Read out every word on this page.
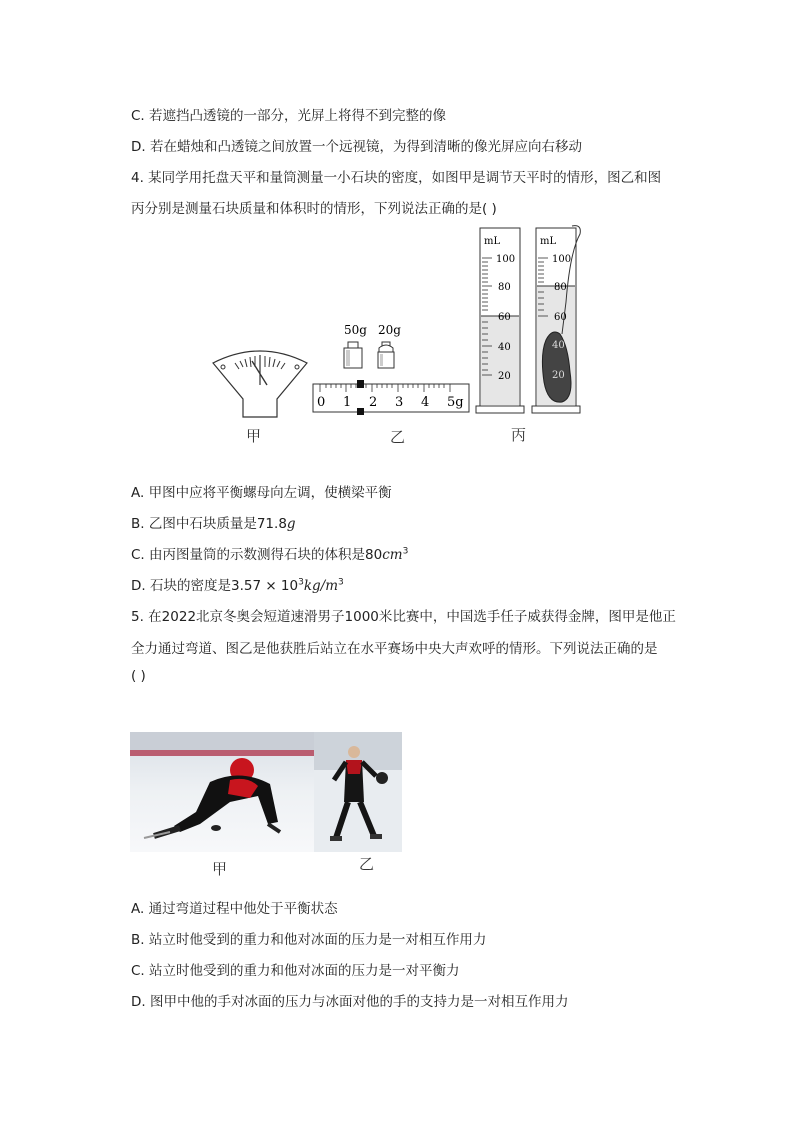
C. 若遮挡凸透镜的一部分，光屏上将得不到完整的像
D. 若在蜡烛和凸透镜之间放置一个远视镜，为得到清晰的像光屏应向右移动
4. 某同学用托盘天平和量筒测量一小石块的密度，如图甲是调节天平时的情形，图乙和图
丙分别是测量石块质量和体积时的情形，下列说法正确的是( )
甲
50g 20g
0 1 2 3 4 5g
乙
mL
100
80
60
40
20
mL
100
80
60
40
20
丙
A. 甲图中应将平衡螺母向左调，使横梁平衡
B. 乙图中石块质量是71.8g
C. 由丙图量筒的示数测得石块的体积是$80cm^3$
D. 石块的密度是$3.57 \times 10^3kg/m^3$
5. 在2022北京冬奥会短道速滑男子1000米比赛中，中国选手任子威获得金牌，图甲是他正
全力通过弯道、图乙是他获胜后站立在水平赛场中央大声欢呼的情形。下列说法正确的是
( )
甲	乙
A. 通过弯道过程中他处于平衡状态
B. 站立时他受到的重力和他对冰面的压力是一对相互作用力
C. 站立时他受到的重力和他对冰面的压力是一对平衡力
D. 图甲中他的手对冰面的压力与冰面对他的手的支持力是一对相互作用力
